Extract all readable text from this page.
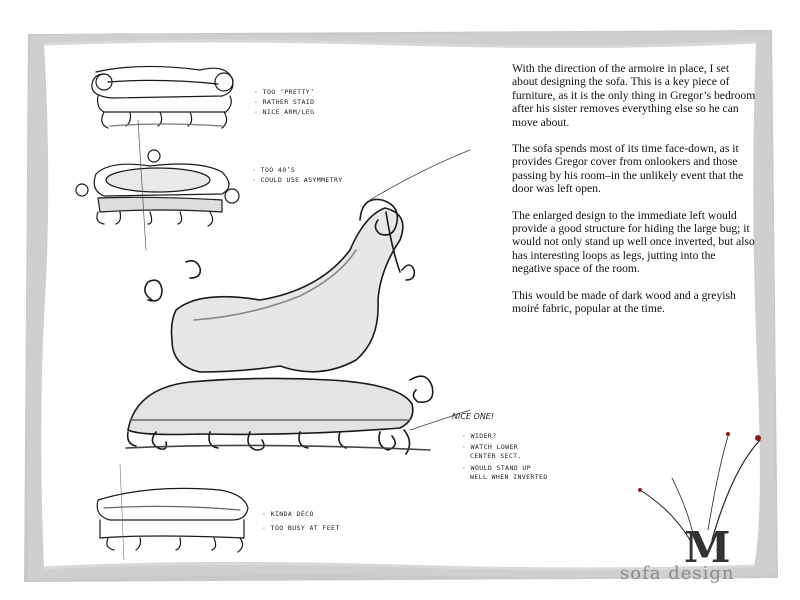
· TOO ‘PRETTY’
· RATHER STAID
· NICE ARM/LEG
· TOO 40’S
· COULD USE ASYMMETRY
NICE ONE!
· WIDER?
· WATCH LOWER
CENTER SECT.
· WOULD STAND UP
WELL WHEN INVERTED
· KINDA DÉCO
· TOO BUSY AT FEET

With the direction of the armoire in place, I set about designing the sofa. This is a key piece of furniture, as it is the only thing in Gregor’s bedroom after his sister removes everything else so he can move about.

The sofa spends most of its time face-down, as it provides Gregor cover from onlookers and those passing by his room–in the unlikely event that the door was left open.

The enlarged design to the immediate left would provide a good structure for hiding the large bug; it would not only stand up well once inverted, but also has interesting loops as legs, jutting into the negative space of the room.

This would be made of dark wood and a greyish moiré fabric, popular at the time.

M
sofa design
